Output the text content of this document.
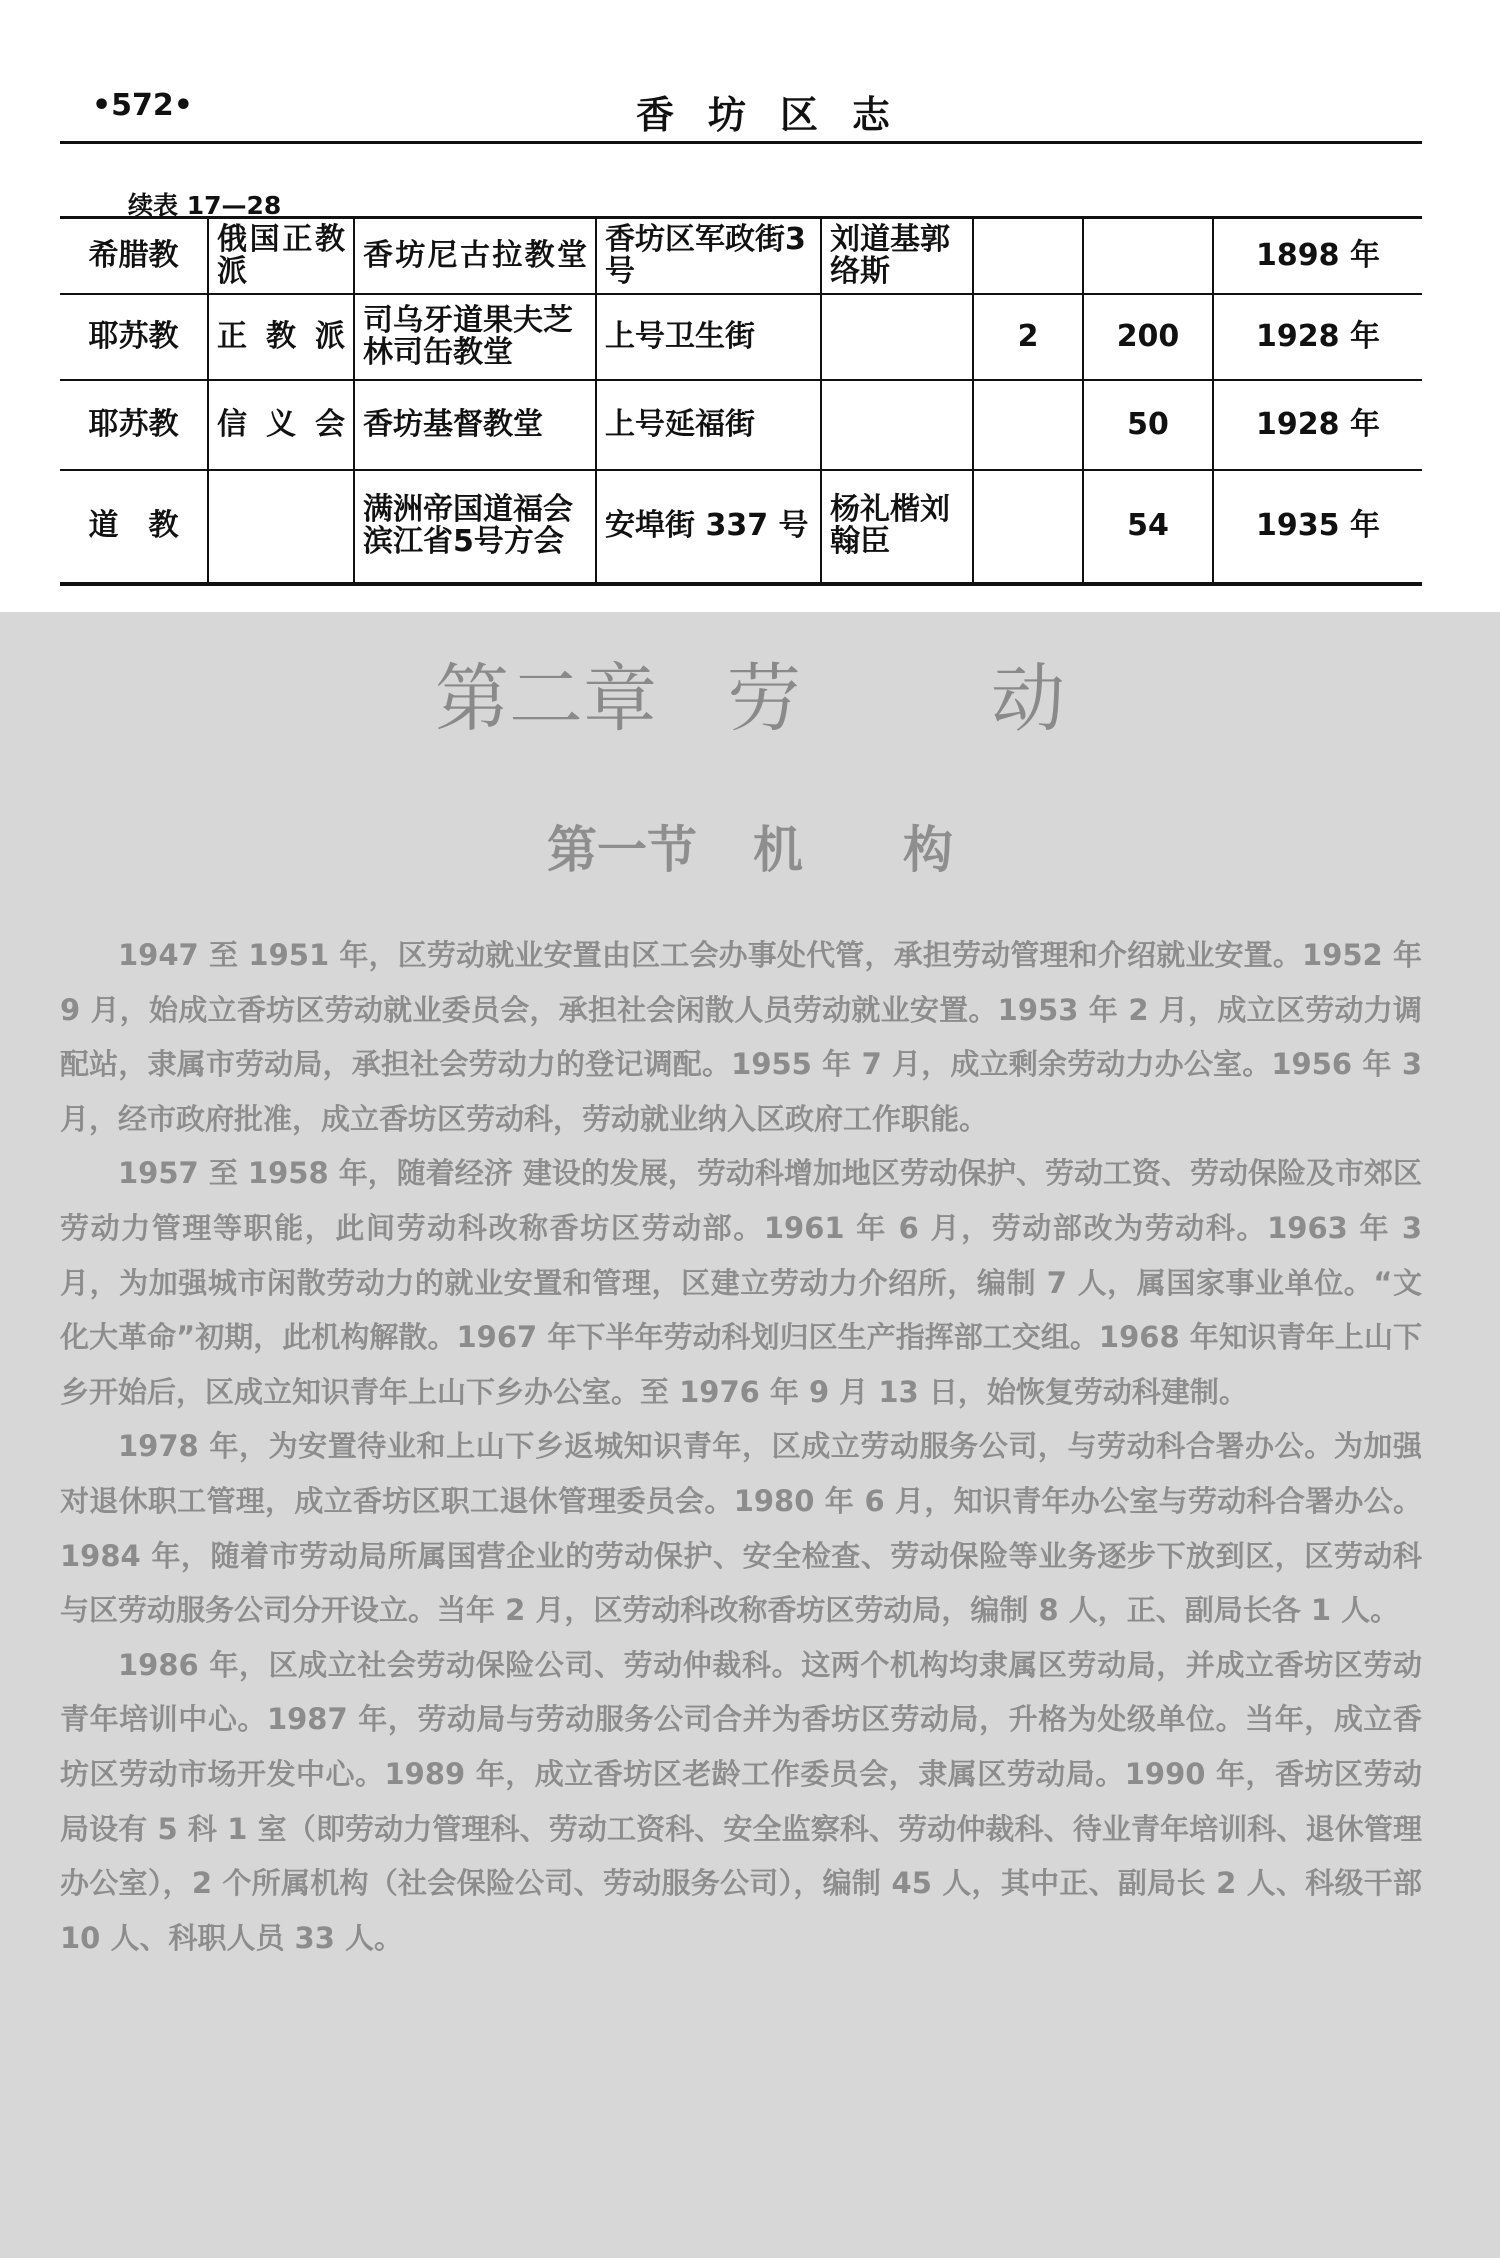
•572•	香坊区志
续表 17—28
希腊教	俄国正教派	香坊尼古拉教堂	香坊区军政街3号	刘道基郭络斯			1898 年
耶苏教	正教派	司乌牙道果夫芝林司缶教堂	上号卫生街		2	200	1928 年
耶苏教	信义会	香坊基督教堂	上号延福街			50	1928 年
道　教		满洲帝国道福会滨江省5号方会	安埠街 337 号	杨礼楷刘翰臣		54	1935 年
第二章 劳	动
第一节 机 构

1947 至 1951 年，区劳动就业安置由区工会办事处代管，承担劳动管理和介绍就业安置。1952 年 9 月，始成立香坊区劳动就业委员会，承担社会闲散人员劳动就业安置。1953 年 2 月，成立区劳动力调配站，隶属市劳动局，承担社会劳动力的登记调配。1955 年 7 月，成立剩余劳动力办公室。1956 年 3 月，经市政府批准，成立香坊区劳动科，劳动就业纳入区政府工作职能。

1957 至 1958 年，随着经济 建设的发展，劳动科增加地区劳动保护、劳动工资、劳动保险及市郊区劳动力管理等职能，此间劳动科改称香坊区劳动部。1961 年 6 月，劳动部改为劳动科。1963 年 3 月，为加强城市闲散劳动力的就业安置和管理，区建立劳动力介绍所，编制 7 人，属国家事业单位。“文化大革命”初期，此机构解散。1967 年下半年劳动科划归区生产指挥部工交组。1968 年知识青年上山下乡开始后，区成立知识青年上山下乡办公室。至 1976 年 9 月 13 日，始恢复劳动科建制。

1978 年，为安置待业和上山下乡返城知识青年，区成立劳动服务公司，与劳动科合署办公。为加强对退休职工管理，成立香坊区职工退休管理委员会。1980 年 6 月，知识青年办公室与劳动科合署办公。1984 年，随着市劳动局所属国营企业的劳动保护、安全检查、劳动保险等业务逐步下放到区，区劳动科与区劳动服务公司分开设立。当年 2 月，区劳动科改称香坊区劳动局，编制 8 人，正、副局长各 1 人。

1986 年，区成立社会劳动保险公司、劳动仲裁科。这两个机构均隶属区劳动局，并成立香坊区劳动青年培训中心。1987 年，劳动局与劳动服务公司合并为香坊区劳动局，升格为处级单位。当年，成立香坊区劳动市场开发中心。1989 年，成立香坊区老龄工作委员会，隶属区劳动局。1990 年，香坊区劳动局设有 5 科 1 室（即劳动力管理科、劳动工资科、安全监察科、劳动仲裁科、待业青年培训科、退休管理办公室），2 个所属机构（社会保险公司、劳动服务公司），编制 45 人，其中正、副局长 2 人、科级干部 10 人、科职人员 33 人。
